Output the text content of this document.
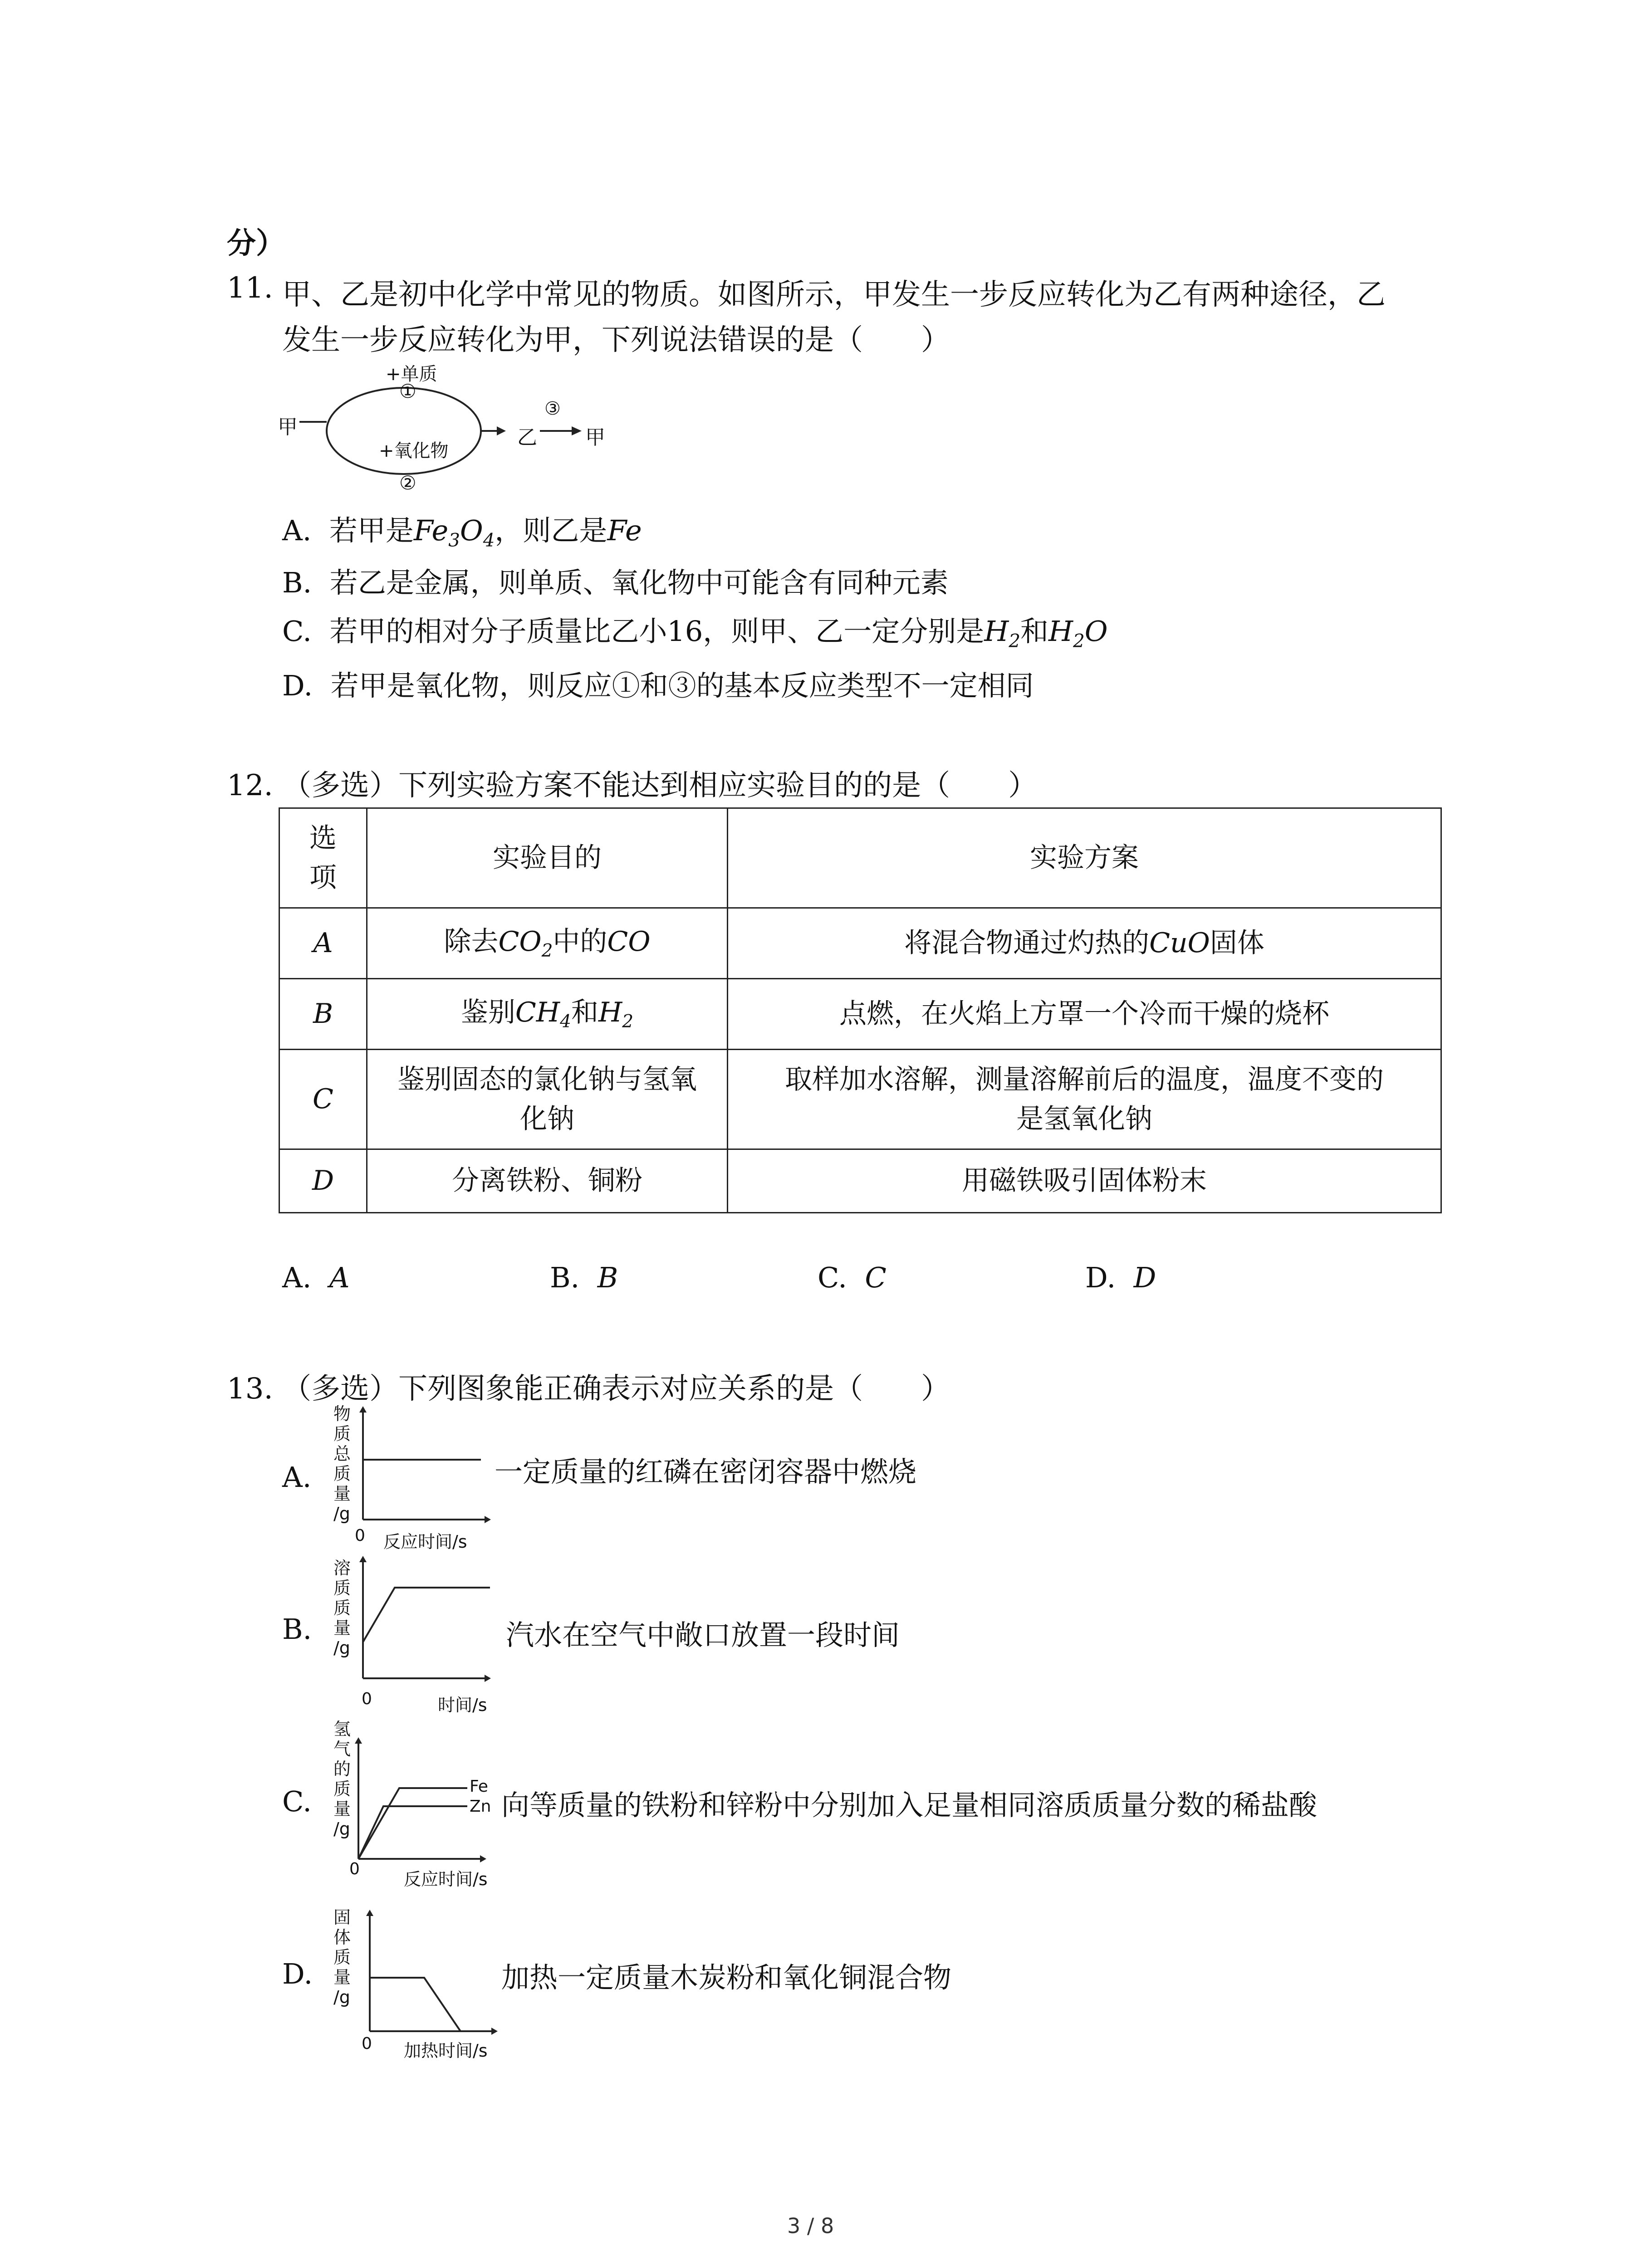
分）
11. 甲、乙是初中化学中常见的物质。如图所示，甲发生一步反应转化为乙有两种途径，乙
发生一步反应转化为甲，下列说法错误的是（　　）
甲
+单质
①
+氧化物
②
乙
③
甲
A. 若甲是$Fe_3O_4$，则乙是Fe
B. 若乙是金属，则单质、氧化物中可能含有同种元素
C. 若甲的相对分子质量比乙小16，则甲、乙一定分别是$H_2$和$H_2O$
D. 若甲是氧化物，则反应①和③的基本反应类型不一定相同
12. （多选）下列实验方案不能达到相应实验目的的是（　　）
选
项	实验目的	实验方案
A	除去$CO_2$中的CO	将混合物通过灼热的CuO固体
B	鉴别$CH_4$和$H_2$	点燃，在火焰上方罩一个冷而干燥的烧杯
C	鉴别固态的氯化钠与氢氧
化钠	取样加水溶解，测量溶解前后的温度，温度不变的
是氢氧化钠
D	分离铁粉、铜粉	用磁铁吸引固体粉末
A. A	B. B	C. C	D. D
13. （多选）下列图象能正确表示对应关系的是（　　）
A.
物
质
总
质
量
/g
0 反应时间/s
一定质量的红磷在密闭容器中燃烧
B.
溶
质
质
量
/g
0	时间/s
汽水在空气中敞口放置一段时间
C.
氢
气
的
质
量
/g
Fe
Zn
0
反应时间/s
向等质量的铁粉和锌粉中分别加入足量相同溶质质量分数的稀盐酸
D.
固
体
质
量
/g
0 加热时间/s
加热一定质量木炭粉和氧化铜混合物
3 / 8
